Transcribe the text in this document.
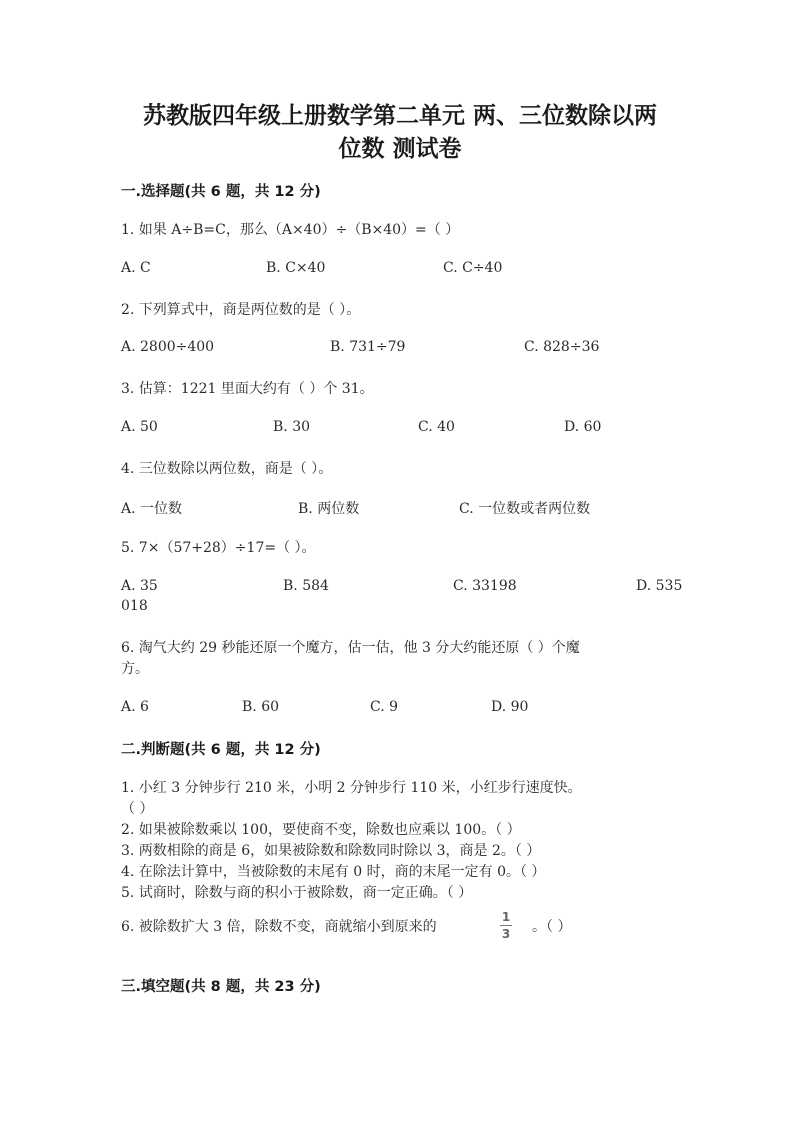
苏教版四年级上册数学第二单元 两、三位数除以两
位数 测试卷
一.选择题(共 6 题，共 12 分)
1. 如果 A÷B=C，那么（A×40）÷（B×40）=（ ）
A. C	B. C×40	C. C÷40
2. 下列算式中，商是两位数的是（ ）。
A. 2800÷400	B. 731÷79	C. 828÷36
3. 估算：1221 里面大约有（ ）个 31。
A. 50	B. 30	C. 40	D. 60
4. 三位数除以两位数，商是（ ）。
A. 一位数	B. 两位数	C. 一位数或者两位数
5. 7×（57+28）÷17=（ ）。
A. 35	B. 584	C. 33198	D. 535
018
6. 淘气大约 29 秒能还原一个魔方，估一估，他 3 分大约能还原（ ）个魔
方。
A. 6	B. 60	C. 9	D. 90
二.判断题(共 6 题，共 12 分)
1. 小红 3 分钟步行 210 米，小明 2 分钟步行 110 米，小红步行速度快。
（ ）
2. 如果被除数乘以 100，要使商不变，除数也应乘以 100。（ ）
3. 两数相除的商是 6，如果被除数和除数同时除以 3，商是 2。（ ）
4. 在除法计算中，当被除数的末尾有 0 时，商的末尾一定有 0。（ ）
5. 试商时，除数与商的积小于被除数，商一定正确。（ ）
6. 被除数扩大 3 倍，除数不变，商就缩小到原来的
1
3	。（ ）
三.填空题(共 8 题，共 23 分)
